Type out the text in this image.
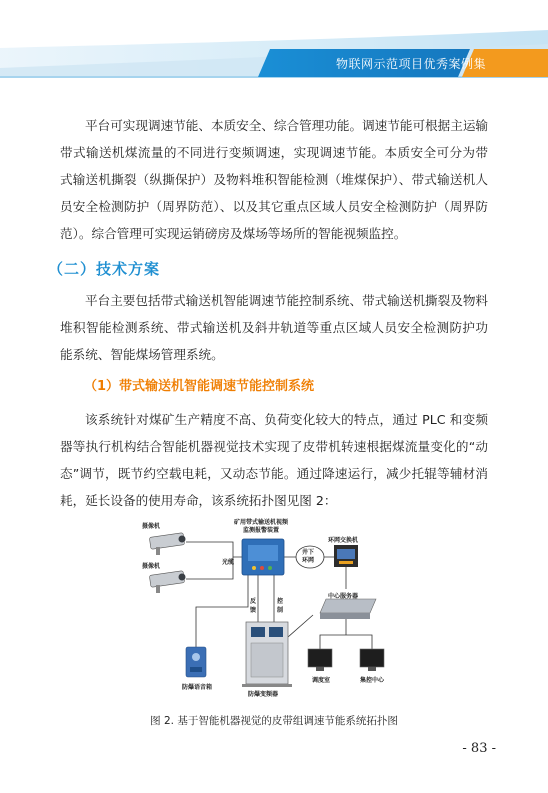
物联网示范项目优秀案例集

平台可实现调速节能、本质安全、综合管理功能。调速节能可根据主运输带式输送机煤流量的不同进行变频调速，实现调速节能。本质安全可分为带式输送机撕裂（纵撕保护）及物料堆积智能检测（堆煤保护）、带式输送机人员安全检测防护（周界防范）、以及其它重点区域人员安全检测防护（周界防范）。综合管理可实现运销磅房及煤场等场所的智能视频监控。

（二）技术方案

平台主要包括带式输送机智能调速节能控制系统、带式输送机撕裂及物料堆积智能检测系统、带式输送机及斜井轨道等重点区域人员安全检测防护功能系统、智能煤场管理系统。

（1）带式输送机智能调速节能控制系统

该系统针对煤矿生产精度不高、负荷变化较大的特点，通过 PLC 和变频器等执行机构结合智能机器视觉技术实现了皮带机转速根据煤流量变化的“动态”调节，既节约空载电耗，又动态节能。通过降速运行，减少托辊等辅材消耗，延长设备的使用寿命，该系统拓扑图见图 2：

摄像机
摄像机
矿用带式输送机视频
监测报警装置
光缆
井下
环网
环网交换机
反
馈
控
制
中心服务器
防爆语音箱
防爆变频器
调度室	集控中心
图 2. 基于智能机器视觉的皮带组调速节能系统拓扑图
- 83 -
